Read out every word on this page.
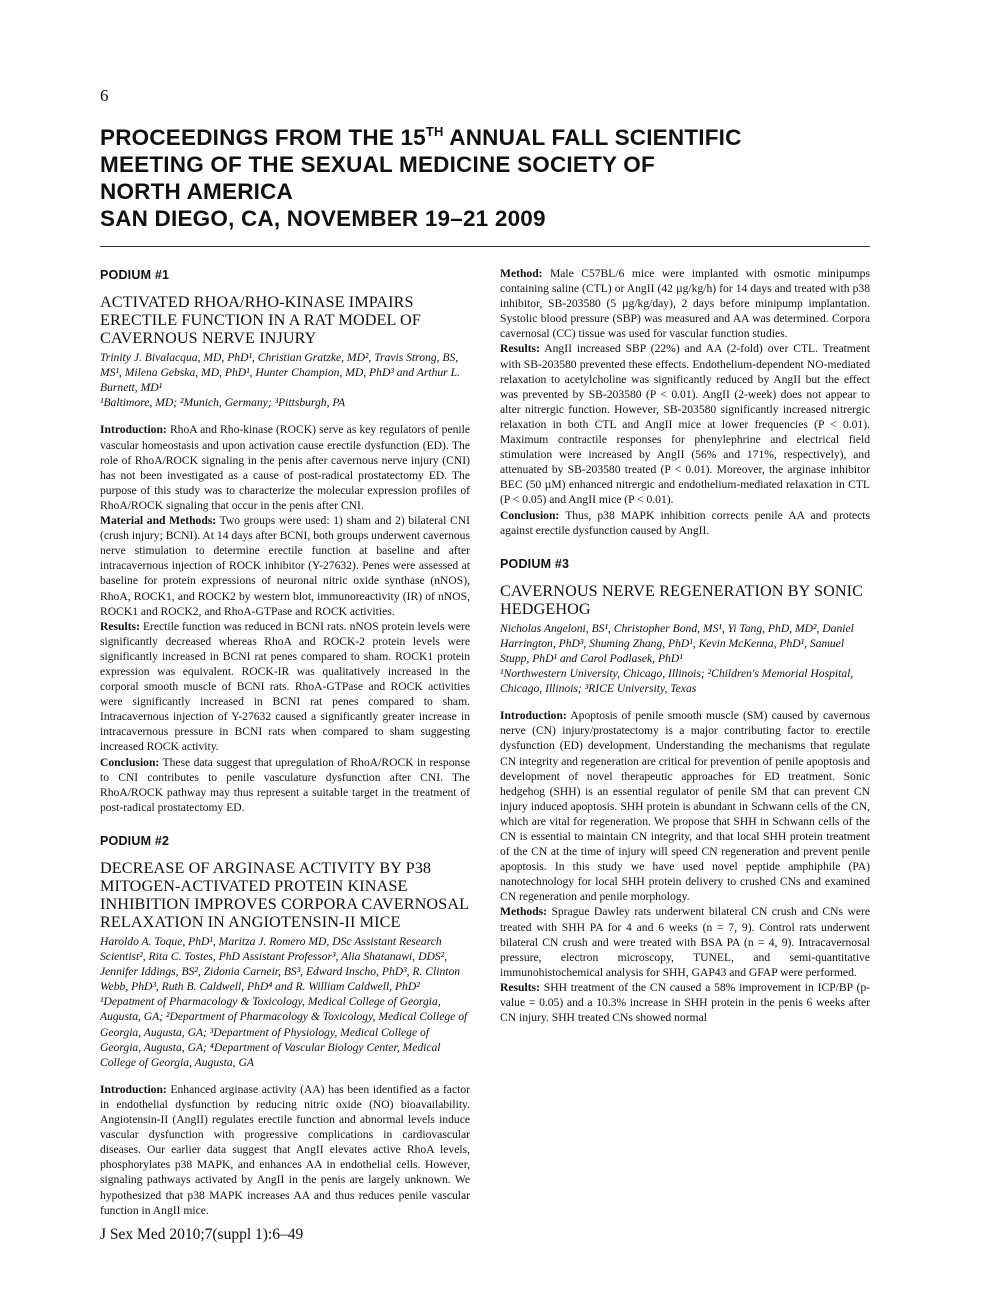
6
PROCEEDINGS FROM THE 15TH ANNUAL FALL SCIENTIFIC
MEETING OF THE SEXUAL MEDICINE SOCIETY OF
NORTH AMERICA
SAN DIEGO, CA, NOVEMBER 19–21 2009
PODIUM #1
ACTIVATED RHOA/RHO-KINASE IMPAIRS ERECTILE FUNCTION IN A RAT MODEL OF CAVERNOUS NERVE INJURY

Trinity J. Bivalacqua, MD, PhD¹, Christian Gratzke, MD², Travis Strong, BS, MS¹, Milena Gebska, MD, PhD¹, Hunter Champion, MD, PhD³ and Arthur L. Burnett, MD¹

¹Baltimore, MD; ²Munich, Germany; ³Pittsburgh, PA

Introduction: RhoA and Rho-kinase (ROCK) serve as key regulators of penile vascular homeostasis and upon activation cause erectile dysfunction (ED). The role of RhoA/ROCK signaling in the penis after cavernous nerve injury (CNI) has not been investigated as a cause of post-radical prostatectomy ED. The purpose of this study was to characterize the molecular expression profiles of RhoA/ROCK signaling that occur in the penis after CNI.

Material and Methods: Two groups were used: 1) sham and 2) bilateral CNI (crush injury; BCNI). At 14 days after BCNI, both groups underwent cavernous nerve stimulation to determine erectile function at baseline and after intracavernous injection of ROCK inhibitor (Y-27632). Penes were assessed at baseline for protein expressions of neuronal nitric oxide synthase (nNOS), RhoA, ROCK1, and ROCK2 by western blot, immunoreactivity (IR) of nNOS, ROCK1 and ROCK2, and RhoA-GTPase and ROCK activities.

Results: Erectile function was reduced in BCNI rats. nNOS protein levels were significantly decreased whereas RhoA and ROCK-2 protein levels were significantly increased in BCNI rat penes compared to sham. ROCK1 protein expression was equivalent. ROCK-IR was qualitatively increased in the corporal smooth muscle of BCNI rats. RhoA-GTPase and ROCK activities were significantly increased in BCNI rat penes compared to sham. Intracavernous injection of Y-27632 caused a significantly greater increase in intracavernous pressure in BCNI rats when compared to sham suggesting increased ROCK activity.

Conclusion: These data suggest that upregulation of RhoA/ROCK in response to CNI contributes to penile vasculature dysfunction after CNI. The RhoA/ROCK pathway may thus represent a suitable target in the treatment of post-radical prostatectomy ED.

PODIUM #2
DECREASE OF ARGINASE ACTIVITY BY P38 MITOGEN-ACTIVATED PROTEIN KINASE INHIBITION IMPROVES CORPORA CAVERNOSAL RELAXATION IN ANGIOTENSIN-II MICE

Haroldo A. Toque, PhD¹, Maritza J. Romero MD, DSc Assistant Research Scientist², Rita C. Tostes, PhD Assistant Professor³, Alia Shatanawi, DDS², Jennifer Iddings, BS², Zidonia Carneir, BS³, Edward Inscho, PhD³, R. Clinton Webb, PhD³, Ruth B. Caldwell, PhD⁴ and R. William Caldwell, PhD²

¹Depatment of Pharmacology & Toxicology, Medical College of Georgia, Augusta, GA; ²Department of Pharmacology & Toxicology, Medical College of Georgia, Augusta, GA; ³Department of Physiology, Medical College of Georgia, Augusta, GA; ⁴Department of Vascular Biology Center, Medical College of Georgia, Augusta, GA

Introduction: Enhanced arginase activity (AA) has been identified as a factor in endothelial dysfunction by reducing nitric oxide (NO) bioavailability. Angiotensin-II (AngII) regulates erectile function and abnormal levels induce vascular dysfunction with progressive complications in cardiovascular diseases. Our earlier data suggest that AngII elevates active RhoA levels, phosphorylates p38 MAPK, and enhances AA in endothelial cells. However, signaling pathways activated by AngII in the penis are largely unknown. We hypothesized that p38 MAPK increases AA and thus reduces penile vascular function in AngII mice.

Method: Male C57BL/6 mice were implanted with osmotic minipumps containing saline (CTL) or AngII (42 µg/kg/h) for 14 days and treated with p38 inhibitor, SB-203580 (5 µg/kg/day), 2 days before minipump implantation. Systolic blood pressure (SBP) was measured and AA was determined. Corpora cavernosal (CC) tissue was used for vascular function studies.

Results: AngII increased SBP (22%) and AA (2-fold) over CTL. Treatment with SB-203580 prevented these effects. Endothelium-dependent NO-mediated relaxation to acetylcholine was significantly reduced by AngII but the effect was prevented by SB-203580 (P < 0.01). AngII (2-week) does not appear to alter nitrergic function. However, SB-203580 significantly increased nitrergic relaxation in both CTL and AngII mice at lower frequencies (P < 0.01). Maximum contractile responses for phenylephrine and electrical field stimulation were increased by AngII (56% and 171%, respectively), and attenuated by SB-203580 treated (P < 0.01). Moreover, the arginase inhibitor BEC (50 µM) enhanced nitrergic and endothelium-mediated relaxation in CTL (P < 0.05) and AngII mice (P < 0.01).

Conclusion: Thus, p38 MAPK inhibition corrects penile AA and protects against erectile dysfunction caused by AngII.

PODIUM #3
CAVERNOUS NERVE REGENERATION BY SONIC HEDGEHOG

Nicholas Angeloni, BS¹, Christopher Bond, MS¹, Yi Tang, PhD, MD², Daniel Harrington, PhD³, Shuming Zhang, PhD¹, Kevin McKenna, PhD¹, Samuel Stupp, PhD¹ and Carol Podlasek, PhD¹

¹Northwestern University, Chicago, Illinois; ²Children's Memorial Hospital, Chicago, Illinois; ³RICE University, Texas

Introduction: Apoptosis of penile smooth muscle (SM) caused by cavernous nerve (CN) injury/prostatectomy is a major contributing factor to erectile dysfunction (ED) development. Understanding the mechanisms that regulate CN integrity and regeneration are critical for prevention of penile apoptosis and development of novel therapeutic approaches for ED treatment. Sonic hedgehog (SHH) is an essential regulator of penile SM that can prevent CN injury induced apoptosis. SHH protein is abundant in Schwann cells of the CN, which are vital for regeneration. We propose that SHH in Schwann cells of the CN is essential to maintain CN integrity, and that local SHH protein treatment of the CN at the time of injury will speed CN regeneration and prevent penile apoptosis. In this study we have used novel peptide amphiphile (PA) nanotechnology for local SHH protein delivery to crushed CNs and examined CN regeneration and penile morphology.

Methods: Sprague Dawley rats underwent bilateral CN crush and CNs were treated with SHH PA for 4 and 6 weeks (n = 7, 9). Control rats underwent bilateral CN crush and were treated with BSA PA (n = 4, 9). Intracavernosal pressure, electron microscopy, TUNEL, and semi-quantitative immunohistochemical analysis for SHH, GAP43 and GFAP were performed.

Results: SHH treatment of the CN caused a 58% improvement in ICP/BP (p-value = 0.05) and a 10.3% increase in SHH protein in the penis 6 weeks after CN injury. SHH treated CNs showed normal

J Sex Med 2010;7(suppl 1):6–49
